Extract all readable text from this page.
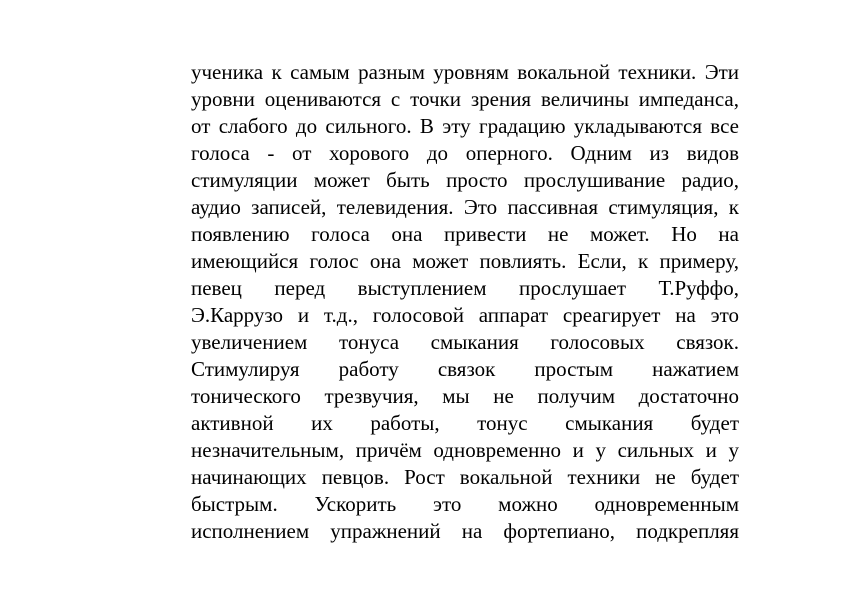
ученика к самым разным уровням вокальной техники. Эти
уровни оцениваются с точки зрения величины импеданса,
от слабого до сильного. В эту градацию укладываются все
голоса - от хорового до оперного. Одним из видов
стимуляции может быть просто прослушивание радио,
аудио записей, телевидения. Это пассивная стимуляция, к
появлению голоса она привести не может. Но на
имеющийся голос она может повлиять. Если, к примеру,
певец перед выступлением прослушает Т.Руффо,
Э.Каррузо и т.д., голосовой аппарат среагирует на это
увеличением тонуса смыкания голосовых связок.
Стимулируя работу связок простым нажатием
тонического трезвучия, мы не получим достаточно
активной их работы, тонус смыкания будет
незначительным, причём одновременно и у сильных и у
начинающих певцов. Рост вокальной техники не будет
быстрым. Ускорить это можно одновременным
исполнением упражнений на фортепиано, подкрепляя
